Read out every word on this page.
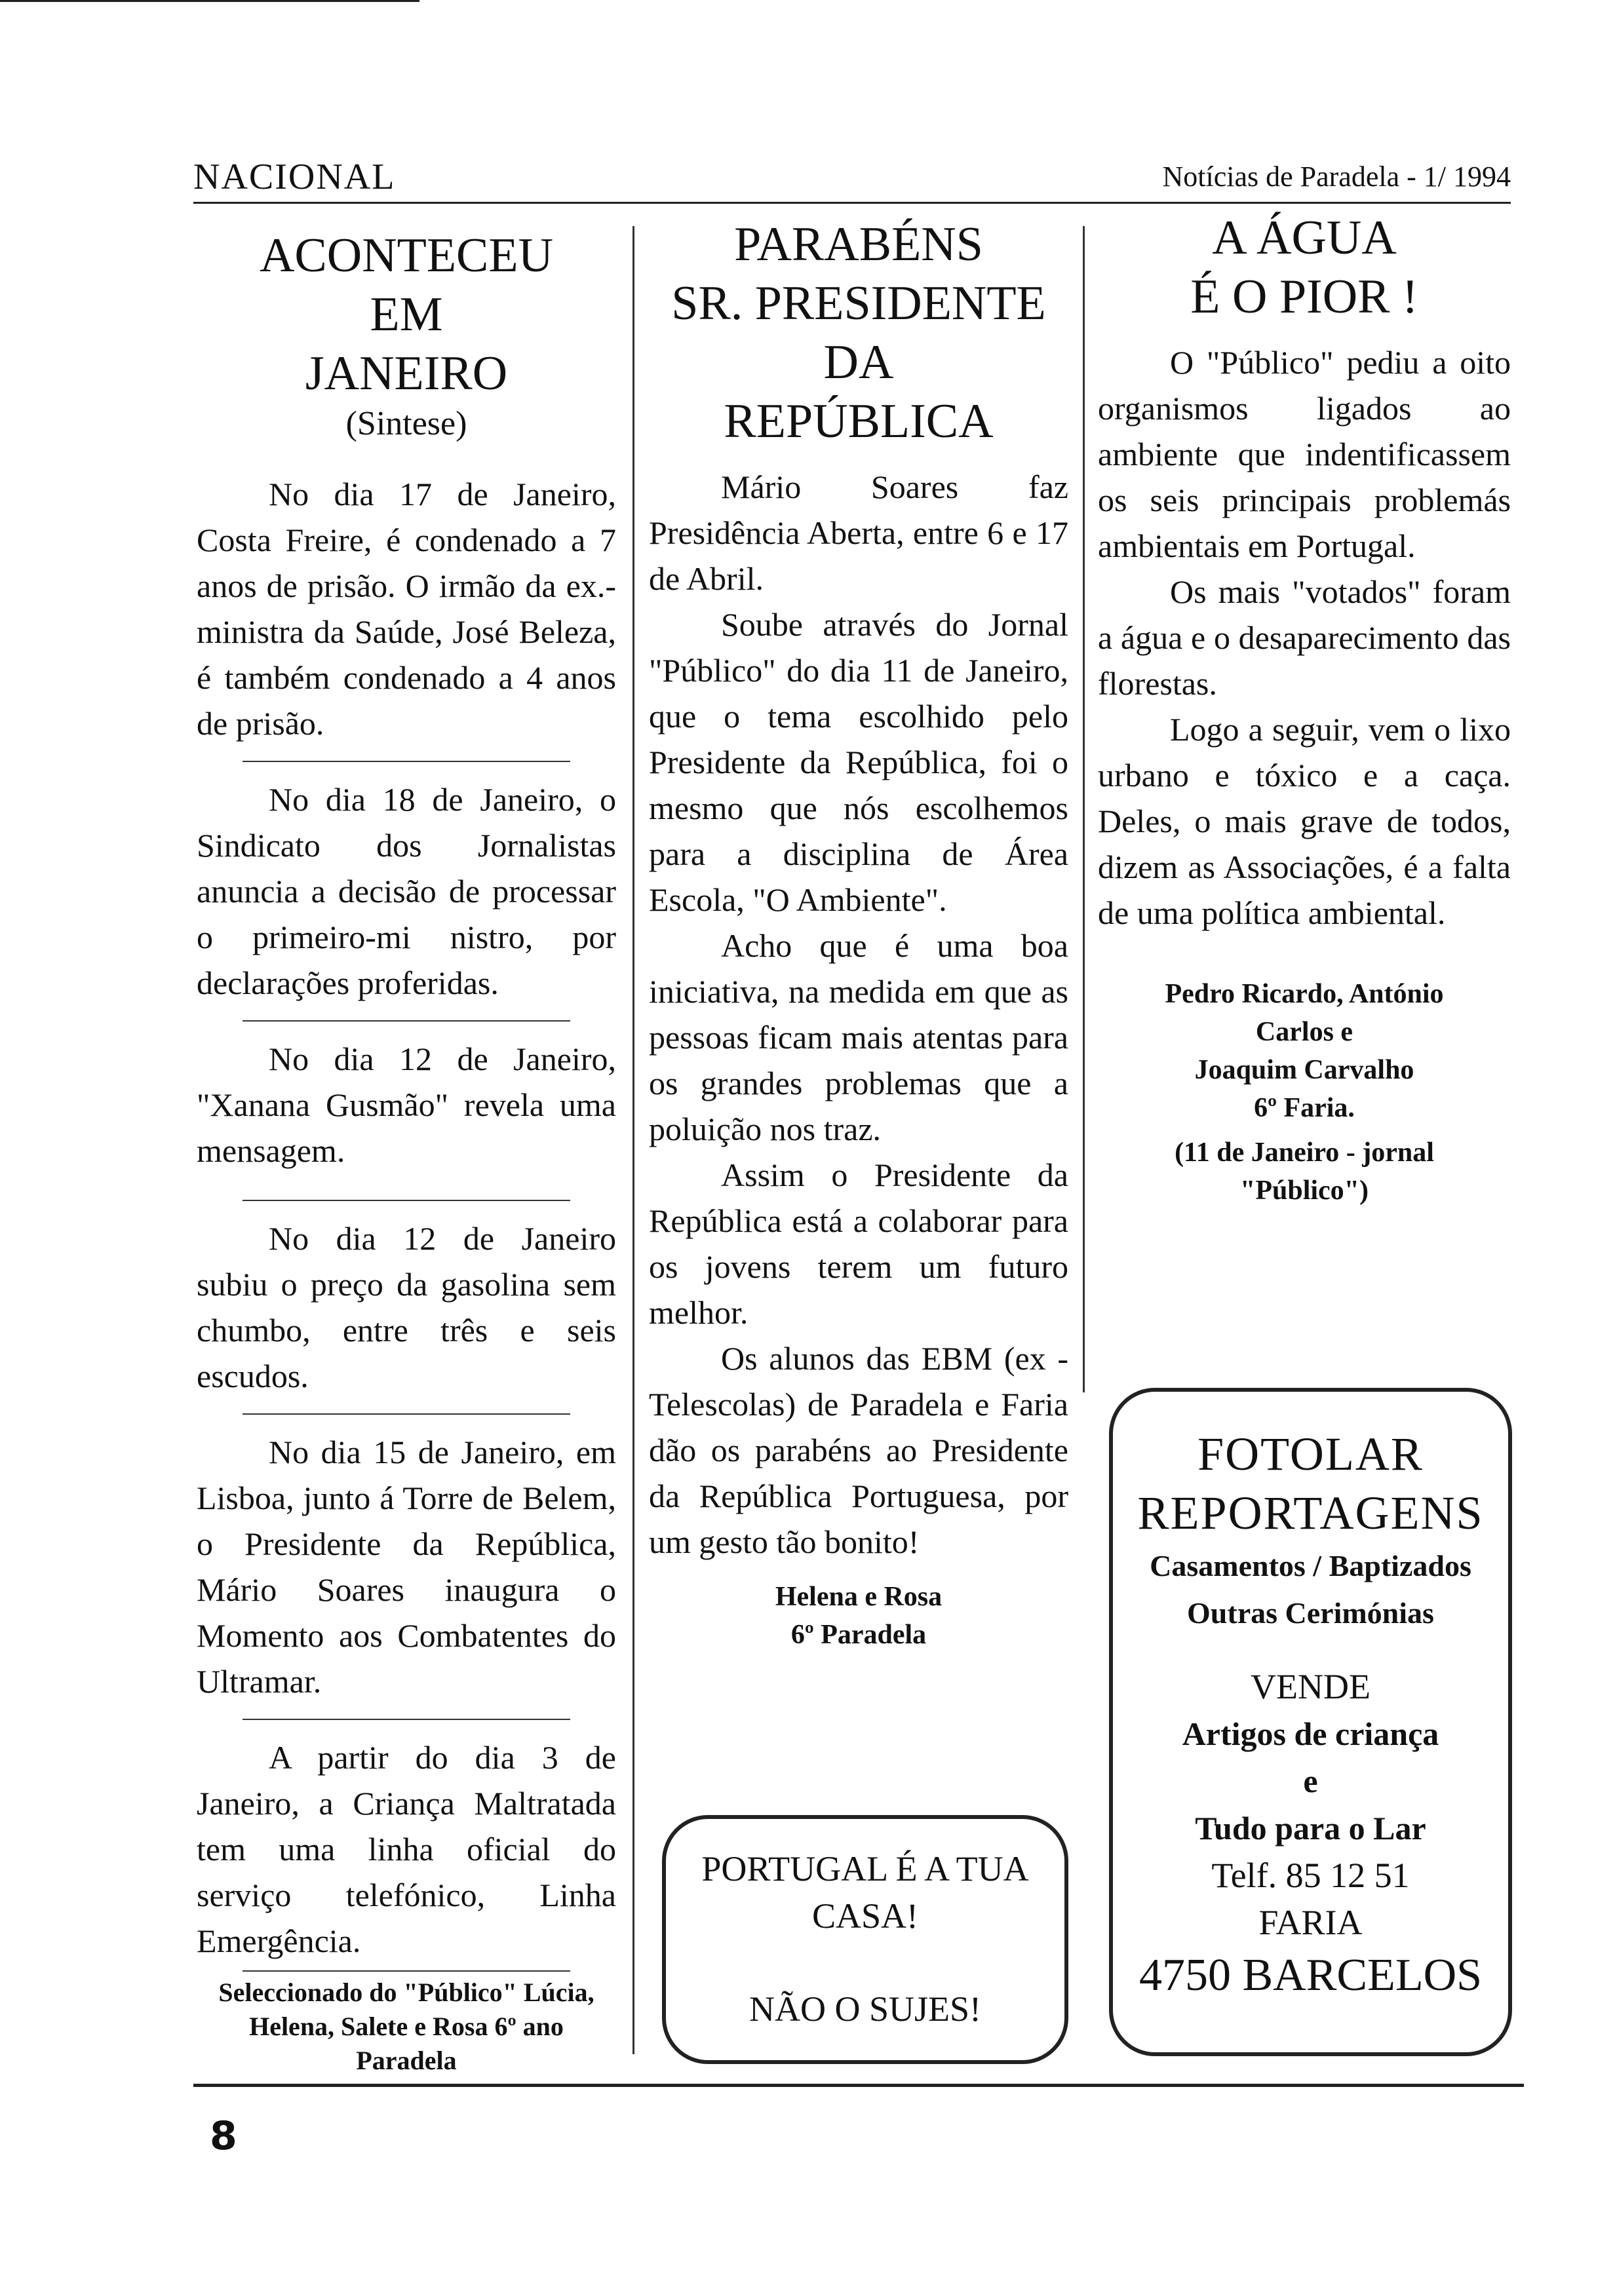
NACIONAL	Notícias de Paradela - 1/ 1994
ACONTECEU
EM
JANEIRO
(Sintese)

No dia 17 de Janeiro, Costa Freire, é condenado a 7 anos de prisão. O irmão da ex.-ministra da Saúde, José Beleza, é também condenado a 4 anos de prisão.

No dia 18 de Janeiro, o Sindicato dos Jornalistas anuncia a decisão de processar o primeiro-mi nistro, por declarações proferidas.

No dia 12 de Janeiro, "Xanana Gusmão" revela uma mensagem.

No dia 12 de Janeiro subiu o preço da gasolina sem chumbo, entre três e seis escudos.

No dia 15 de Janeiro, em Lisboa, junto á Torre de Belem, o Presidente da República, Mário Soares inaugura o Momento aos Combatentes do Ultramar.

A partir do dia 3 de Janeiro, a Criança Maltratada tem uma linha oficial do serviço telefónico, Linha Emergência.

Seleccionado do "Público" Lúcia, Helena, Salete e Rosa 6º ano Paradela
PARABÉNS
SR. PRESIDENTE
DA
REPÚBLICA

Mário Soares faz Presidência Aberta, entre 6 e 17 de Abril.

Soube através do Jornal "Público" do dia 11 de Janeiro, que o tema escolhido pelo Presidente da República, foi o mesmo que nós escolhemos para a disciplina de Área Escola, "O Ambiente".

Acho que é uma boa iniciativa, na medida em que as pessoas ficam mais atentas para os grandes problemas que a poluição nos traz.

Assim o Presidente da República está a colaborar para os jovens terem um futuro melhor.

Os alunos das EBM (ex - Telescolas) de Paradela e Faria dão os parabéns ao Presidente da República Portuguesa, por um gesto tão bonito!

Helena e Rosa
6º Paradela
PORTUGAL É A TUA
CASA!
NÃO O SUJES!
A ÁGUA
É O PIOR !

O "Público" pediu a oito organismos ligados ao ambiente que indentificassem os seis principais problemás ambientais em Portugal.

Os mais "votados" foram a água e o desaparecimento das florestas.

Logo a seguir, vem o lixo urbano e tóxico e a caça. Deles, o mais grave de todos, dizem as Associações, é a falta de uma política ambiental.

Pedro Ricardo, António
Carlos e
Joaquim Carvalho
6º Faria.
(11 de Janeiro - jornal
"Público")
FOTOLAR
REPORTAGENS
Casamentos / Baptizados
Outras Cerimónias
VENDE
Artigos de criança
e
Tudo para o Lar
Telf. 85 12 51
FARIA
4750 BARCELOS
8
